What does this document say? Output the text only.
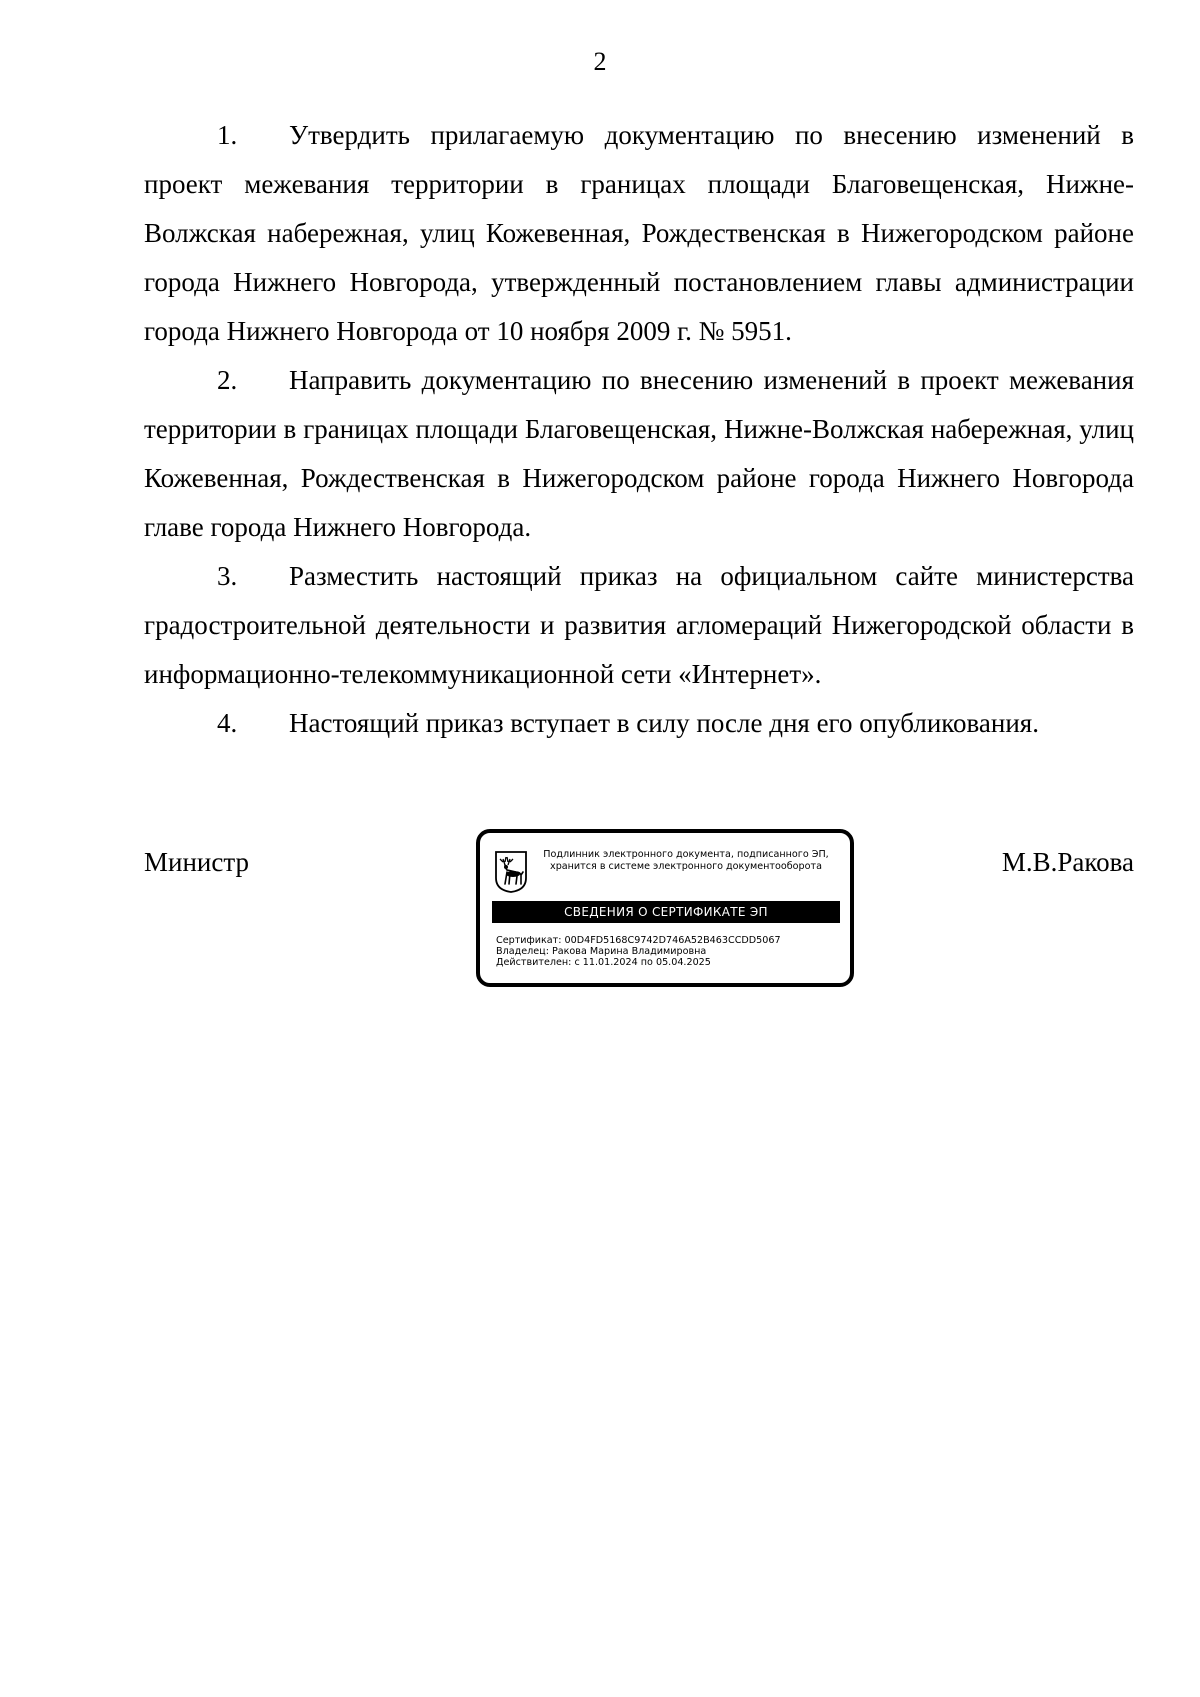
2

1. Утвердить прилагаемую документацию по внесению изменений в проект межевания территории в границах площади Благовещенская, Нижне-Волжская набережная, улиц Кожевенная, Рождественская в Нижегородском районе города Нижнего Новгорода, утвержденный постановлением главы администрации города Нижнего Новгорода от 10 ноября 2009 г. № 5951.

2. Направить документацию по внесению изменений в проект межевания территории в границах площади Благовещенская, Нижне-Волжская набережная, улиц Кожевенная, Рождественская в Нижегородском районе города Нижнего Новгорода главе города Нижнего Новгорода.

3. Разместить настоящий приказ на официальном сайте министерства градостроительной деятельности и развития агломераций Нижегородской области в информационно-телекоммуникационной сети «Интернет».

4. Настоящий приказ вступает в силу после дня его опубликования.

Министр	М.В.Ракова
Подлинник электронного документа, подписанного ЭП,
хранится в системе электронного документооборота
СВЕДЕНИЯ О СЕРТИФИКАТЕ ЭП
Сертификат: 00D4FD5168C9742D746A52B463CCDD5067
Владелец: Ракова Марина Владимировна
Действителен: с 11.01.2024 по 05.04.2025
